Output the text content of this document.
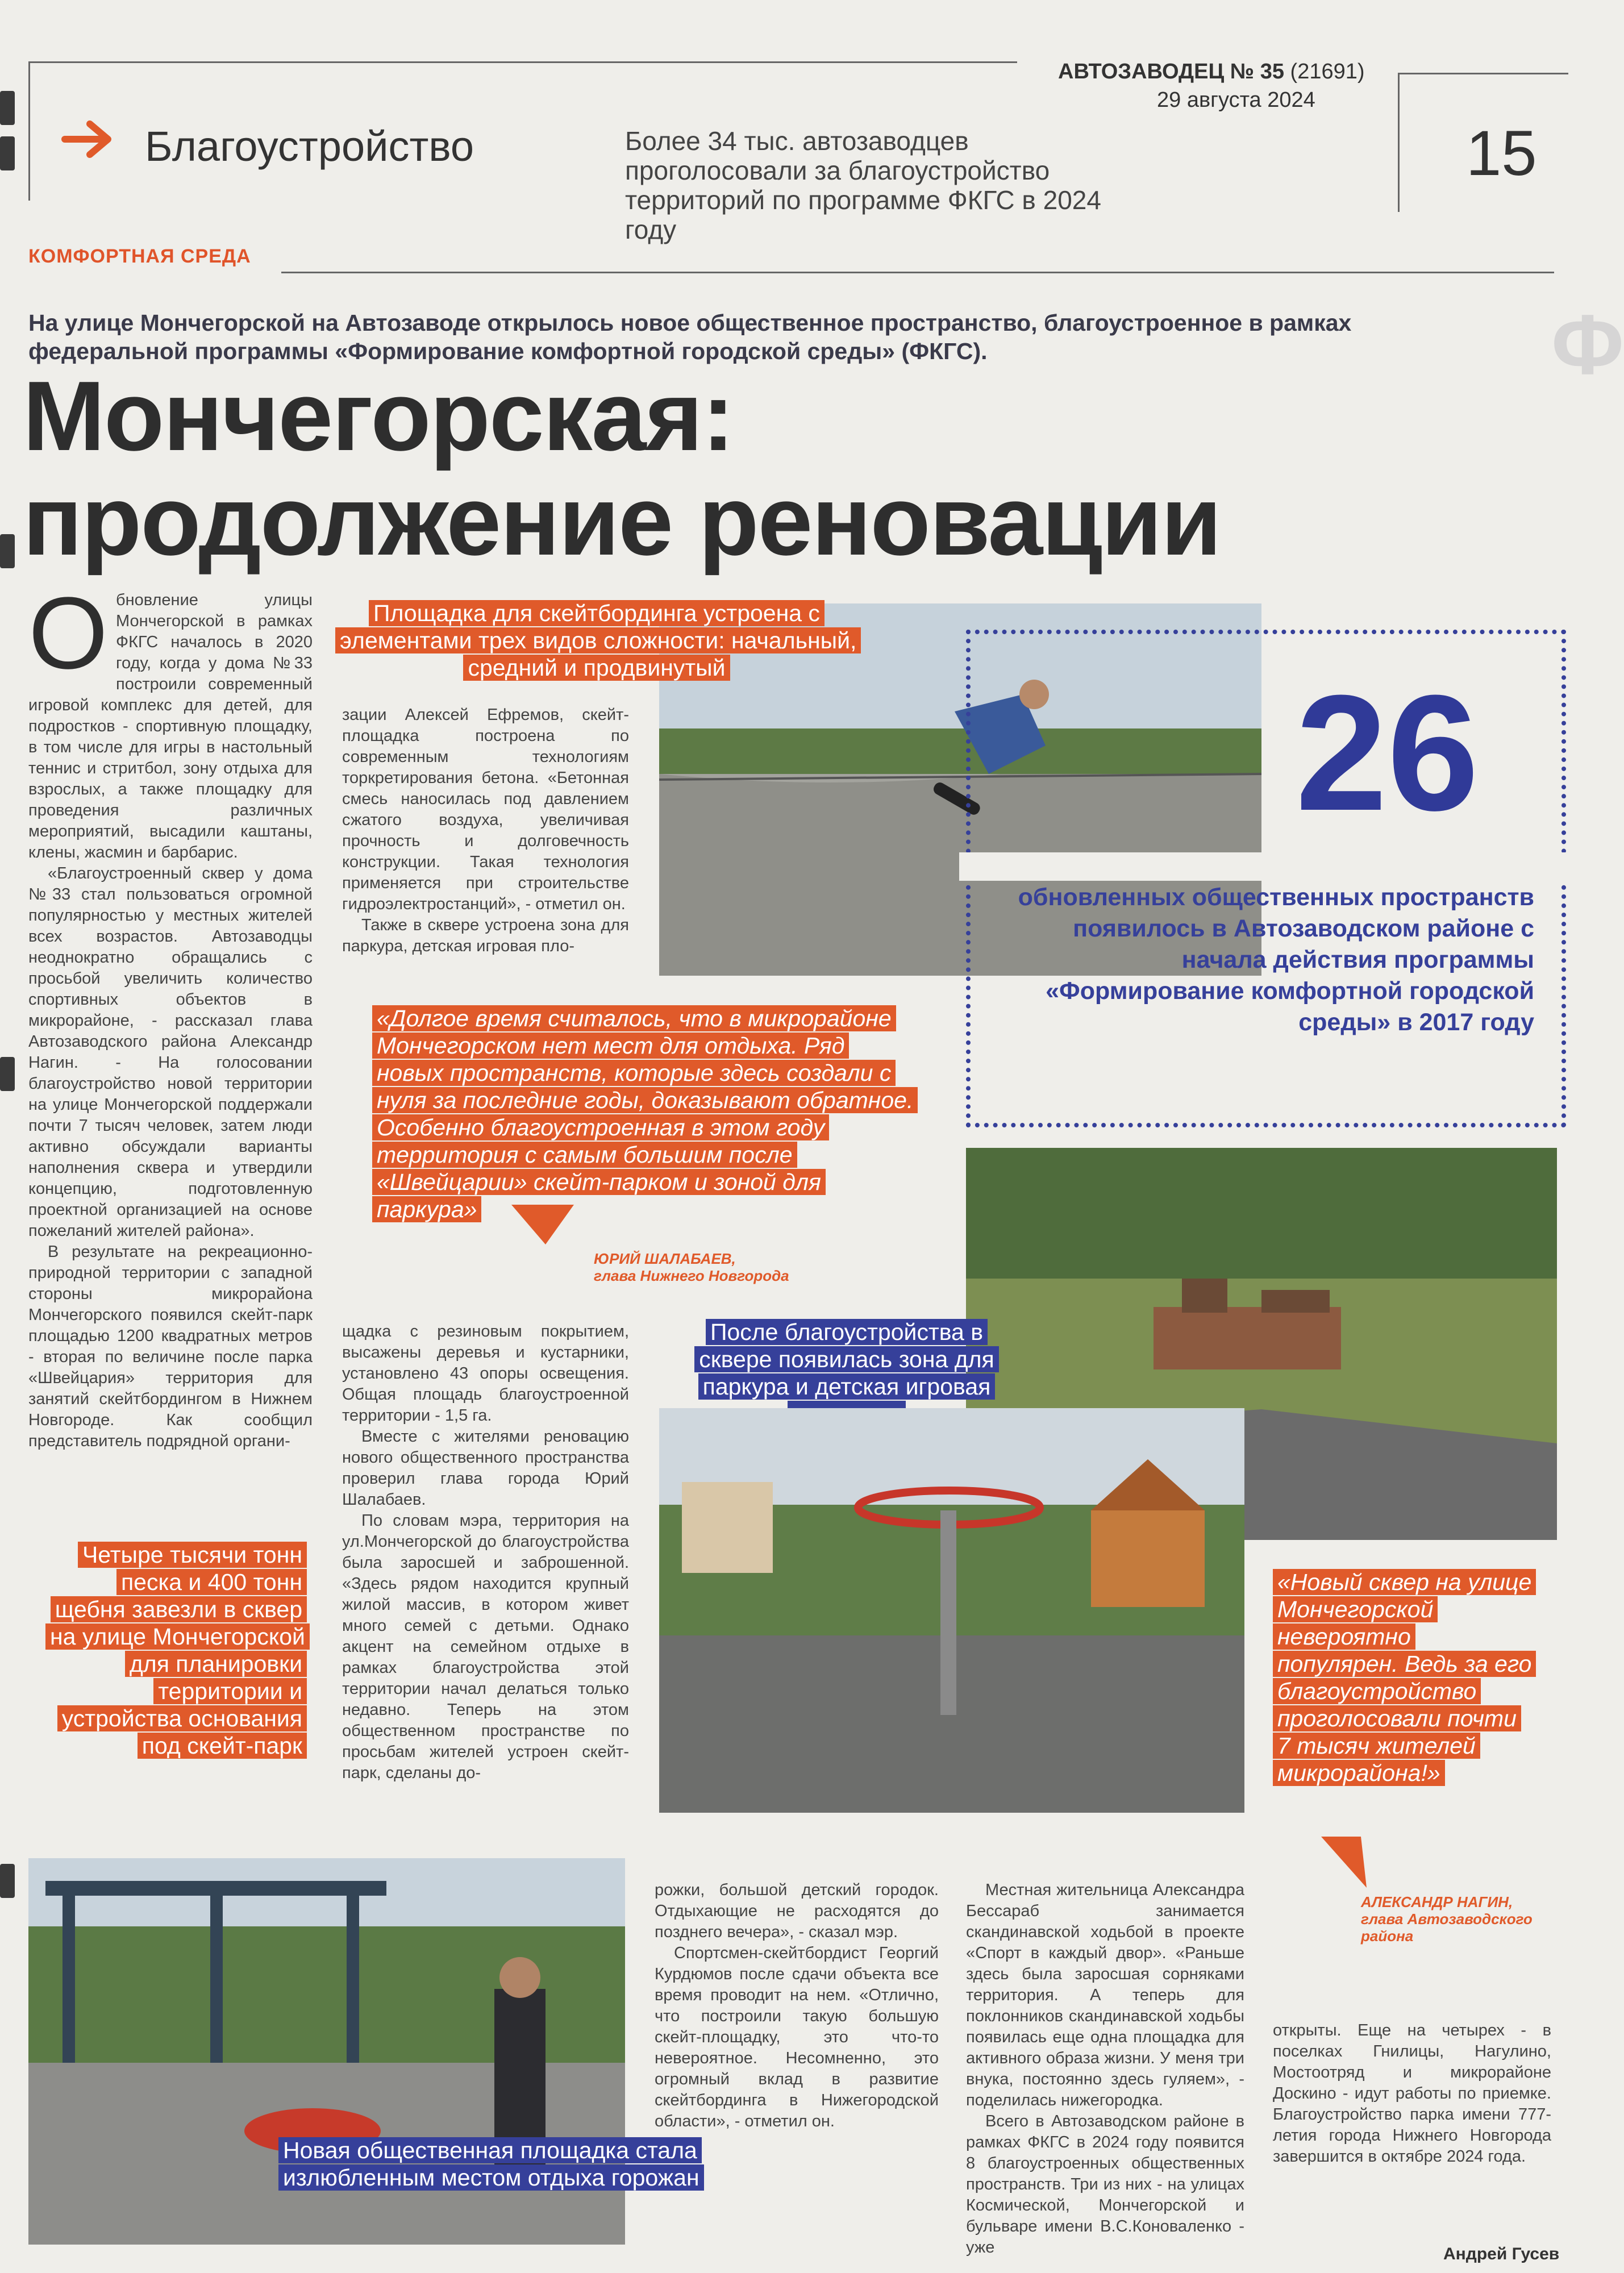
Ф
АВТОЗАВОДЕЦ № 35 (21691)
29 августа 2024
15
Благоустройство	Более 34 тыс. автозаводцев проголосовали за благоустройство территорий по программе ФКГС в 2024 году
КОМФОРТНАЯ СРЕДА
На улице Мончегорской на Автозаводе открылось новое общественное пространство, благоустроенное в рамках федеральной программы «Формирование комфортной городской среды» (ФКГС).
Мончегорская:
продолжение реновации

Обновление улицы Мончегорской в рамках ФКГС началось в 2020 году, когда у дома №33 построили современный игровой комплекс для детей, для подростков - спортивную площадку, в том числе для игры в настольный теннис и стритбол, зону отдыха для взрослых, а также площадку для проведения различных мероприятий, высадили каштаны, клены, жасмин и барбарис.

«Благоустроенный сквер у дома №33 стал пользоваться огромной популярностью у местных жителей всех возрастов. Автозаводцы неоднократно обращались с просьбой увеличить количество спортивных объектов в микрорайоне, - рассказал глава Автозаводского района Александр Нагин. - На голосовании благоустройство новой территории на улице Мончегорской поддержали почти 7 тысяч человек, затем люди активно обсуждали варианты наполнения сквера и утвердили концепцию, подготовленную проектной организацией на основе пожеланий жителей района».

В результате на рекреационно-природной территории с западной стороны микрорайона Мончегорского появился скейт-парк площадью 1200 квадратных метров - вторая по величине после парка «Швейцария» территория для занятий скейтбордингом в Нижнем Новгороде. Как сообщил представитель подрядной органи-

зации Алексей Ефремов, скейт-площадка построена по современным технологиям торкретирования бетона. «Бетонная смесь наносилась под давлением сжатого воздуха, увеличивая прочность и долговечность конструкции. Такая технология применяется при строительстве гидроэлектростанций», - отметил он.

Также в сквере устроена зона для паркура, детская игровая пло-

щадка с резиновым покрытием, высажены деревья и кустарники, установлено 43 опоры освещения. Общая площадь благоустроенной территории - 1,5 га.

Вместе с жителями реновацию нового общественного пространства проверил глава города Юрий Шалабаев.

По словам мэра, территория на ул.Мончегорской до благоустройства была заросшей и заброшенной. «Здесь рядом находится крупный жилой массив, в котором живет много семей с детьми. Однако акцент на семейном отдыхе в рамках благоустройства этой территории начал делаться только недавно. Теперь на этом общественном пространстве по просьбам жителей устроен скейт-парк, сделаны до-

рожки, большой детский городок. Отдыхающие не расходятся до позднего вечера», - сказал мэр.

Спортсмен-скейтбордист Георгий Курдюмов после сдачи объекта все время проводит на нем. «Отлично, что построили такую большую скейт-площадку, это что-то невероятное. Несомненно, это огромный вклад в развитие скейтбординга в Нижегородской области», - отметил он.

Местная жительница Александра Бессараб занимается скандинавской ходьбой в проекте «Спорт в каждый двор». «Раньше здесь была заросшая сорняками территория. А теперь для поклонников скандинавской ходьбы появилась еще одна площадка для активного образа жизни. У меня три внука, постоянно здесь гуляем», - поделилась нижегородка.

Всего в Автозаводском районе в рамках ФКГС в 2024 году появится 8 благоустроенных общественных пространств. Три из них - на улицах Космической, Мончегорской и бульваре имени В.С.Коноваленко - уже

открыты. Еще на четырех - в поселках Гнилицы, Нагулино, Мостоотряд и микрорайоне Доскино - идут работы по приемке. Благоустройство парка имени 777-летия города Нижнего Новгорода завершится в октябре 2024 года.

Андрей Гусев
Площадка для скейтбординга устроена с элементами трех видов сложности: начальный, средний и продвинутый	26
обновленных общественных пространств появилось в Автозаводском районе с начала действия программы «Формирование комфортной городской среды» в 2017 году
«Долгое время считалось, что в микрорайоне Мончегорском нет мест для отдыха. Ряд новых пространств, которые здесь создали с нуля за последние годы, доказывают обратное. Особенно благоустроенная в этом году территория с самым большим после «Швейцарии» скейт-парком и зоной для паркура»
ЮРИЙ ШАЛАБАЕВ,
глава Нижнего Новгорода
После благоустройства в сквере появилась зона для паркура и детская игровая
Четыре тысячи тонн песка и 400 тонн щебня завезли в сквер на улице Мончегорской для планировки территории и устройства основания под скейт-парк
«Новый сквер на улице Мончегорской невероятно популярен. Ведь за его благоустройство проголосовали почти 7 тысяч жителей микрорайона!»
АЛЕКСАНДР НАГИН,
глава Автозаводского района
Новая общественная площадка стала излюбленным местом отдыха горожан
